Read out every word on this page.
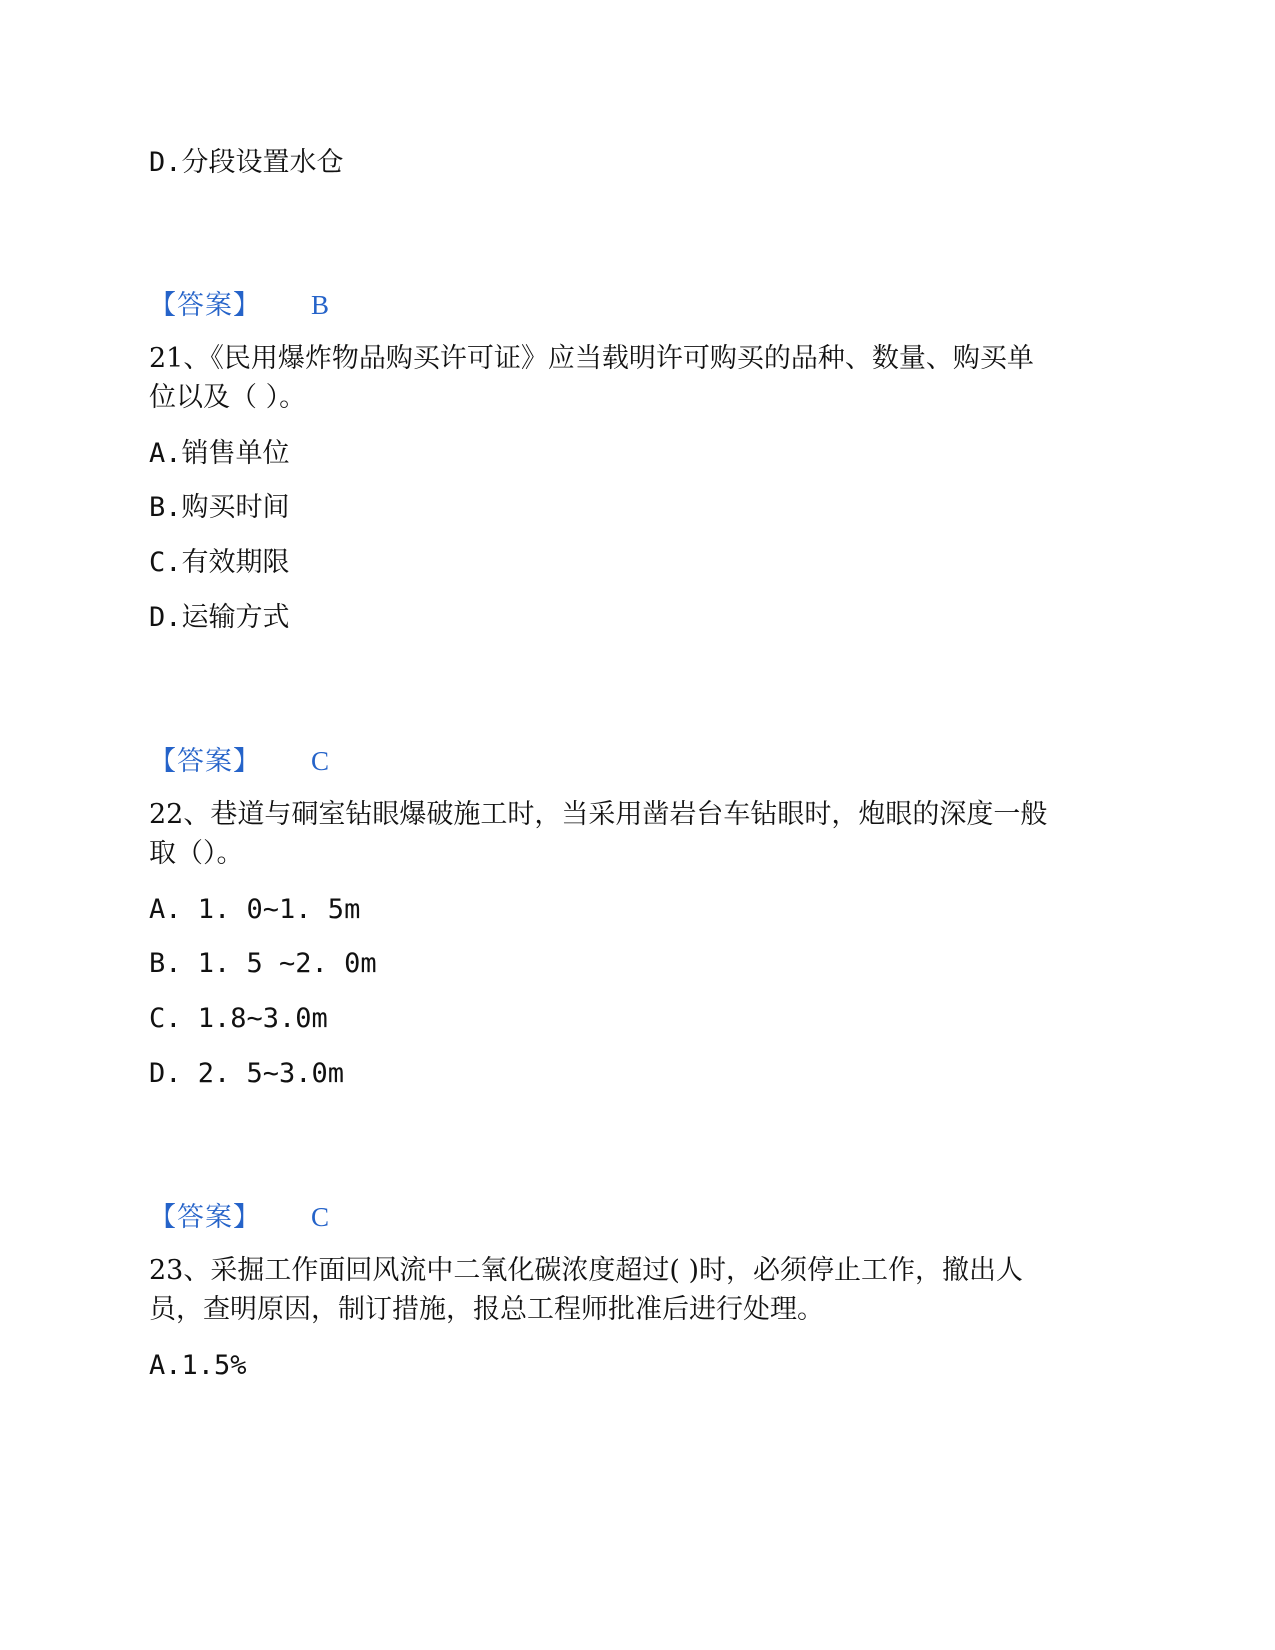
D.分段设置水仓
【答案】 B
21、《民用爆炸物品购买许可证》应当载明许可购买的品种、数量、购买单
位以及（ ）。
A.销售单位
B.购买时间
C.有效期限
D.运输方式
【答案】 C
22、巷道与硐室钻眼爆破施工时，当采用凿岩台车钻眼时，炮眼的深度一般
取（）。
A. 1. 0~1. 5m
B. 1. 5 ~2. 0m
C. 1.8~3.0m
D. 2. 5~3.0m
【答案】 C
23、采掘工作面回风流中二氧化碳浓度超过( )时，必须停止工作，撤出人
员，查明原因，制订措施，报总工程师批准后进行处理。
A.1.5%
